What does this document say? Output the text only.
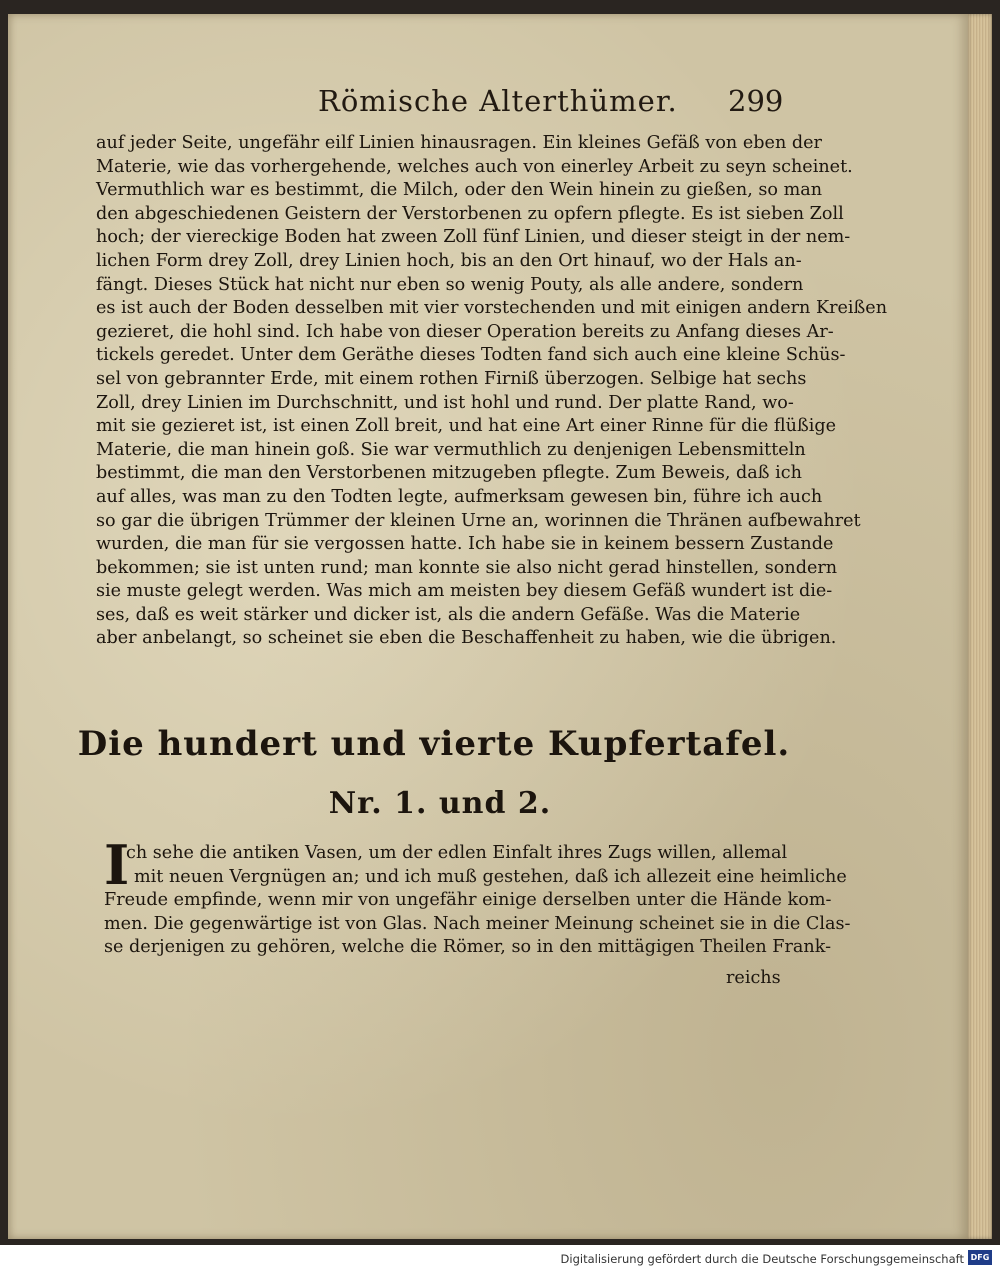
Römische Alterthümer. 299
auf jeder Seite, ungefähr eilf Linien hinausragen. Ein kleines Gefäß von eben der
Materie, wie das vorhergehende, welches auch von einerley Arbeit zu seyn scheinet.
Vermuthlich war es bestimmt, die Milch, oder den Wein hinein zu gießen, so man
den abgeschiedenen Geistern der Verstorbenen zu opfern pflegte. Es ist sieben Zoll
hoch; der viereckige Boden hat zween Zoll fünf Linien, und dieser steigt in der nem-
lichen Form drey Zoll, drey Linien hoch, bis an den Ort hinauf, wo der Hals an-
fängt. Dieses Stück hat nicht nur eben so wenig Pouty, als alle andere, sondern
es ist auch der Boden desselben mit vier vorstechenden und mit einigen andern Kreißen
gezieret, die hohl sind. Ich habe von dieser Operation bereits zu Anfang dieses Ar-
tickels geredet. Unter dem Geräthe dieses Todten fand sich auch eine kleine Schüs-
sel von gebrannter Erde, mit einem rothen Firniß überzogen. Selbige hat sechs
Zoll, drey Linien im Durchschnitt, und ist hohl und rund. Der platte Rand, wo-
mit sie gezieret ist, ist einen Zoll breit, und hat eine Art einer Rinne für die flüßige
Materie, die man hinein goß. Sie war vermuthlich zu denjenigen Lebensmitteln
bestimmt, die man den Verstorbenen mitzugeben pflegte. Zum Beweis, daß ich
auf alles, was man zu den Todten legte, aufmerksam gewesen bin, führe ich auch
so gar die übrigen Trümmer der kleinen Urne an, worinnen die Thränen aufbewahret
wurden, die man für sie vergossen hatte. Ich habe sie in keinem bessern Zustande
bekommen; sie ist unten rund; man konnte sie also nicht gerad hinstellen, sondern
sie muste gelegt werden. Was mich am meisten bey diesem Gefäß wundert ist die-
ses, daß es weit stärker und dicker ist, als die andern Gefäße. Was die Materie
aber anbelangt, so scheinet sie eben die Beschaffenheit zu haben, wie die übrigen.
Die hundert und vierte Kupfertafel.
Nr. 1. und 2.
I
ch sehe die antiken Vasen, um der edlen Einfalt ihres Zugs willen, allemal
mit neuen Vergnügen an; und ich muß gestehen, daß ich allezeit eine heimliche
Freude empfinde, wenn mir von ungefähr einige derselben unter die Hände kom-
men. Die gegenwärtige ist von Glas. Nach meiner Meinung scheinet sie in die Clas-
se derjenigen zu gehören, welche die Römer, so in den mittägigen Theilen Frank-
reichs
Digitalisierung gefördert durch die Deutsche Forschungsgemeinschaft DFG
